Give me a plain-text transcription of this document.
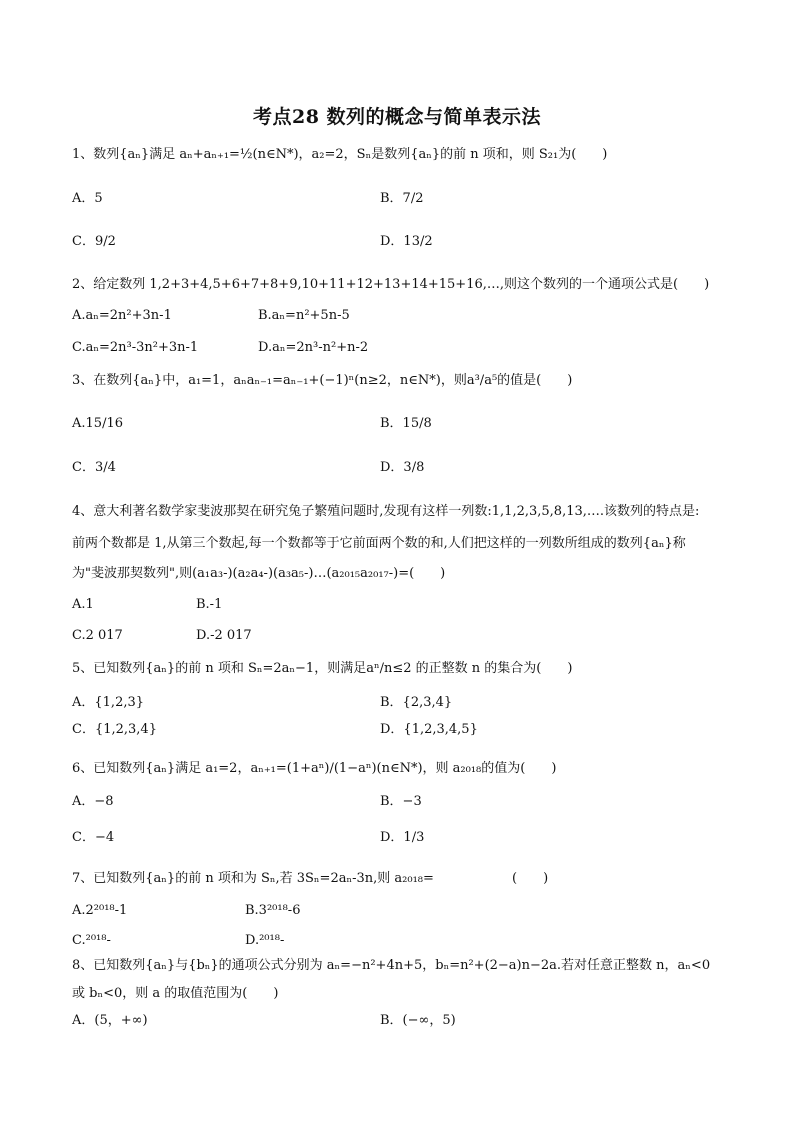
考点28 数列的概念与简单表示法
1、数列{aₙ}满足 aₙ+aₙ₊₁=½(n∈N*)，a₂=2，Sₙ是数列{aₙ}的前 n 项和，则 S₂₁为(　　)
A．5	B．7/2
C．9/2	D．13/2
2、给定数列 1,2+3+4,5+6+7+8+9,10+11+12+13+14+15+16,…,则这个数列的一个通项公式是(　　)
A.aₙ=2n²+3n-1	B.aₙ=n²+5n-5
C.aₙ=2n³-3n²+3n-1	D.aₙ=2n³-n²+n-2
3、在数列{aₙ}中，a₁=1，aₙaₙ₋₁=aₙ₋₁+(−1)ⁿ(n≥2，n∈N*)，则a³/a⁵的值是(　　)
A.15/16	B．15/8
C．3/4	D．3/8
4、意大利著名数学家斐波那契在研究兔子繁殖问题时,发现有这样一列数:1,1,2,3,5,8,13,….该数列的特点是:
前两个数都是 1,从第三个数起,每一个数都等于它前面两个数的和,人们把这样的一列数所组成的数列{aₙ}称
为"斐波那契数列",则(a₁a₃-)(a₂a₄-)(a₃a₅-)…(a₂₀₁₅a₂₀₁₇-)=(　　)
A.1	B.-1
C.2 017	D.-2 017
5、已知数列{aₙ}的前 n 项和 Sₙ=2aₙ−1，则满足aⁿ/n≤2 的正整数 n 的集合为(　　)
A．{1,2,3}	B．{2,3,4}
C．{1,2,3,4}	D．{1,2,3,4,5}
6、已知数列{aₙ}满足 a₁=2，aₙ₊₁=(1+aⁿ)/(1−aⁿ)(n∈N*)，则 a₂₀₁₈的值为(　　)
A．−8	B．−3
C．−4	D．1/3
7、已知数列{aₙ}的前 n 项和为 Sₙ,若 3Sₙ=2aₙ-3n,则 a₂₀₁₈=	(　　)
A.2²⁰¹⁸-1	B.3²⁰¹⁸-6
C.²⁰¹⁸-	D.²⁰¹⁸-
8、已知数列{aₙ}与{bₙ}的通项公式分别为 aₙ=−n²+4n+5，bₙ=n²+(2−a)n−2a.若对任意正整数 n，aₙ<0
或 bₙ<0，则 a 的取值范围为(　　)
A．(5，+∞)	B．(−∞，5)
